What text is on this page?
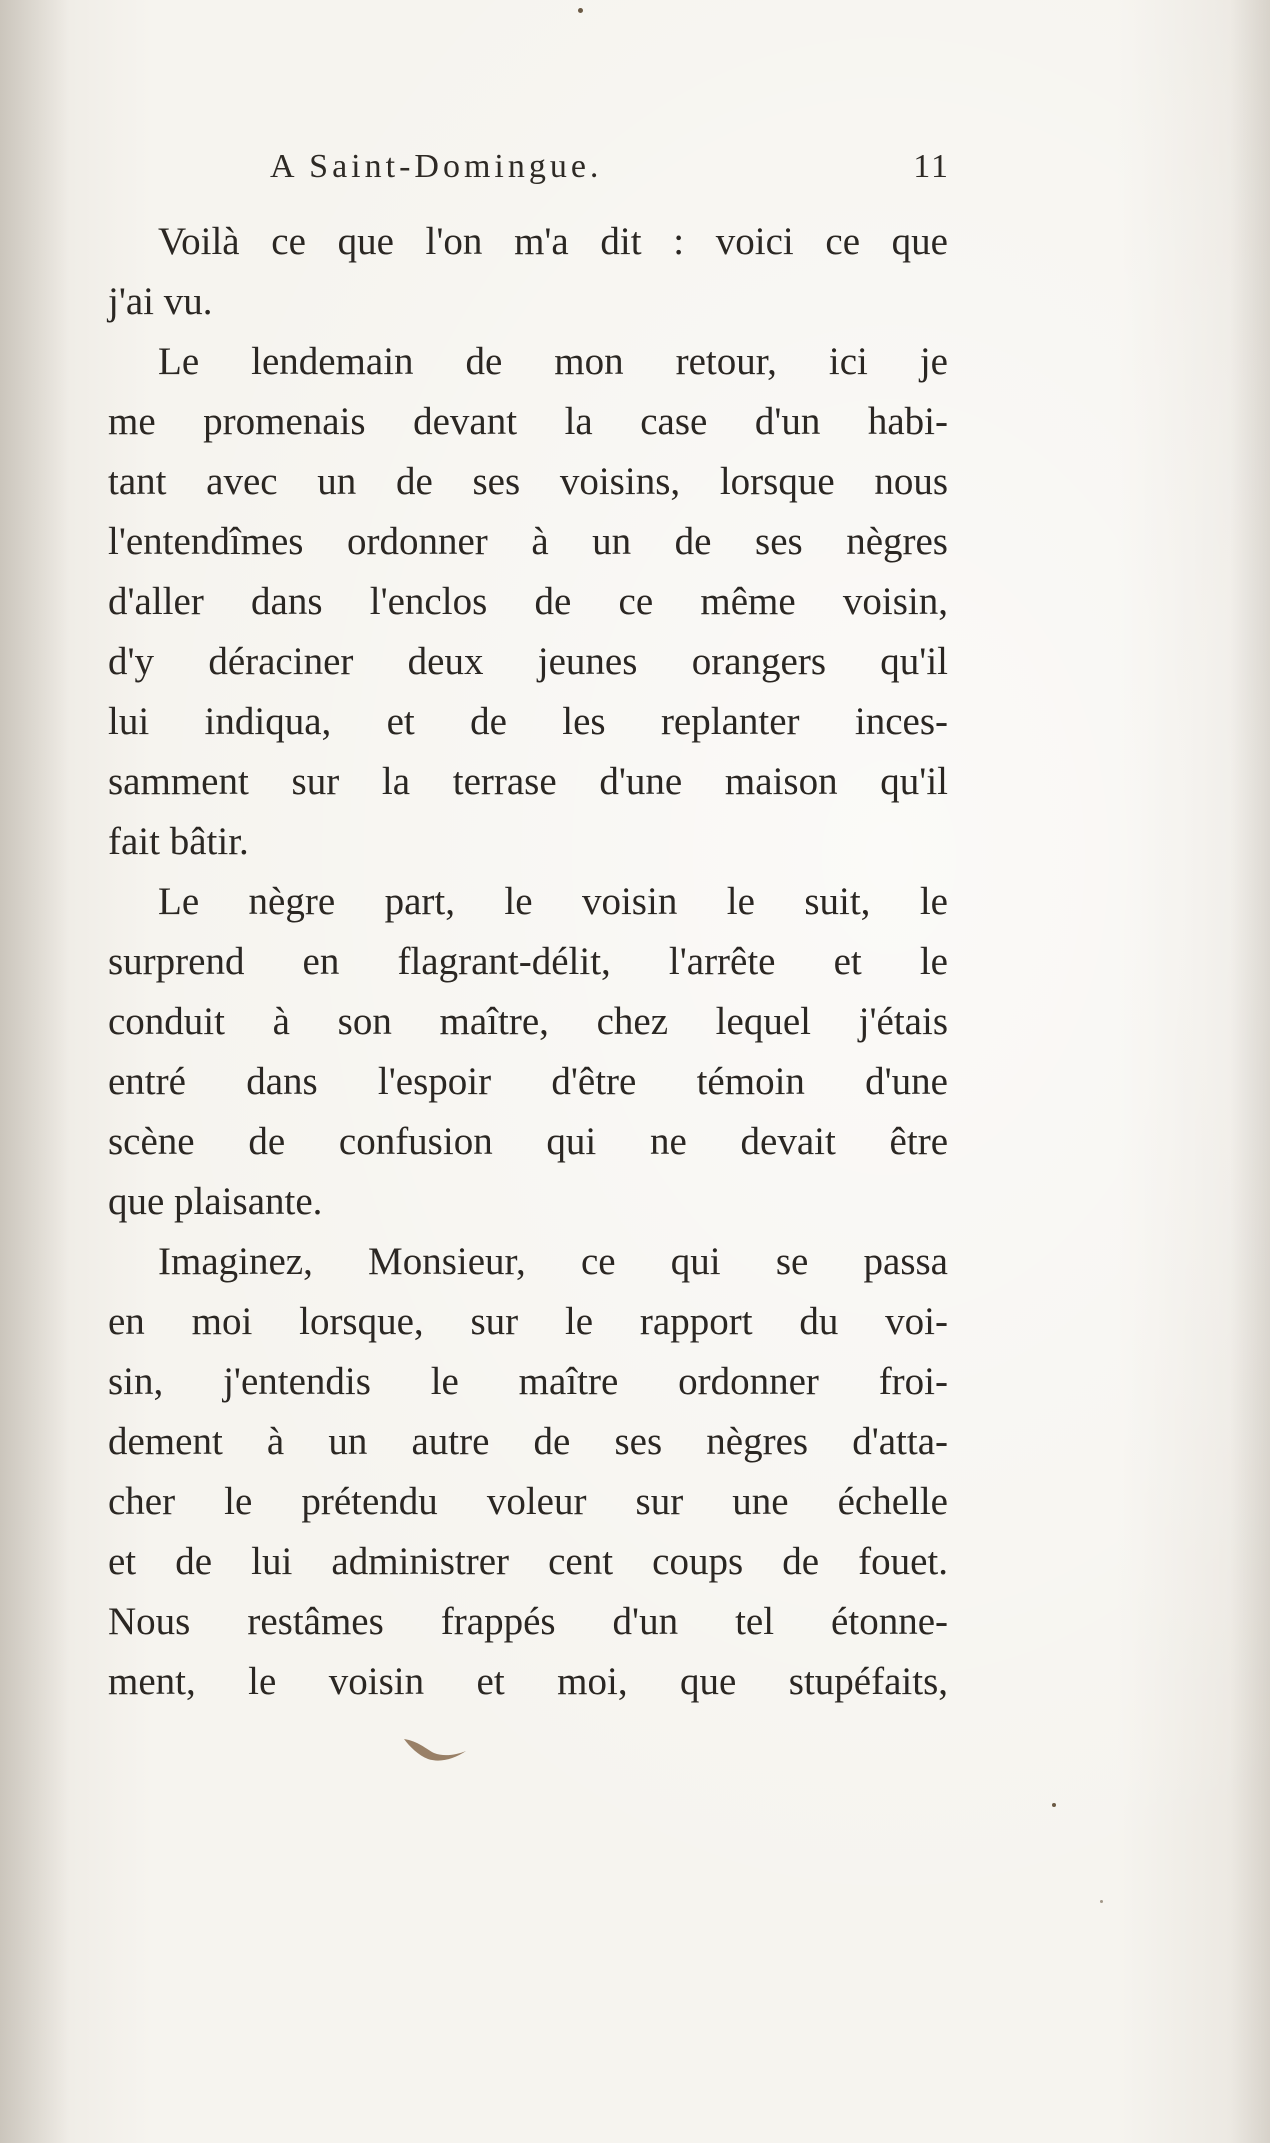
A Saint-Domingue.	11
Voilà ce que l'on m'a dit : voici ce que
j'ai vu.
Le lendemain de mon retour, ici je
me promenais devant la case d'un habi-
tant avec un de ses voisins, lorsque nous
l'entendîmes ordonner à un de ses nègres
d'aller dans l'enclos de ce même voisin,
d'y déraciner deux jeunes orangers qu'il
lui indiqua, et de les replanter inces-
samment sur la terrase d'une maison qu'il
fait bâtir.
Le nègre part, le voisin le suit, le
surprend en flagrant-délit, l'arrête et le
conduit à son maître, chez lequel j'étais
entré dans l'espoir d'être témoin d'une
scène de confusion qui ne devait être
que plaisante.
Imaginez, Monsieur, ce qui se passa
en moi lorsque, sur le rapport du voi-
sin, j'entendis le maître ordonner froi-
dement à un autre de ses nègres d'atta-
cher le prétendu voleur sur une échelle
et de lui administrer cent coups de fouet.
Nous restâmes frappés d'un tel étonne-
ment, le voisin et moi, que stupéfaits,
